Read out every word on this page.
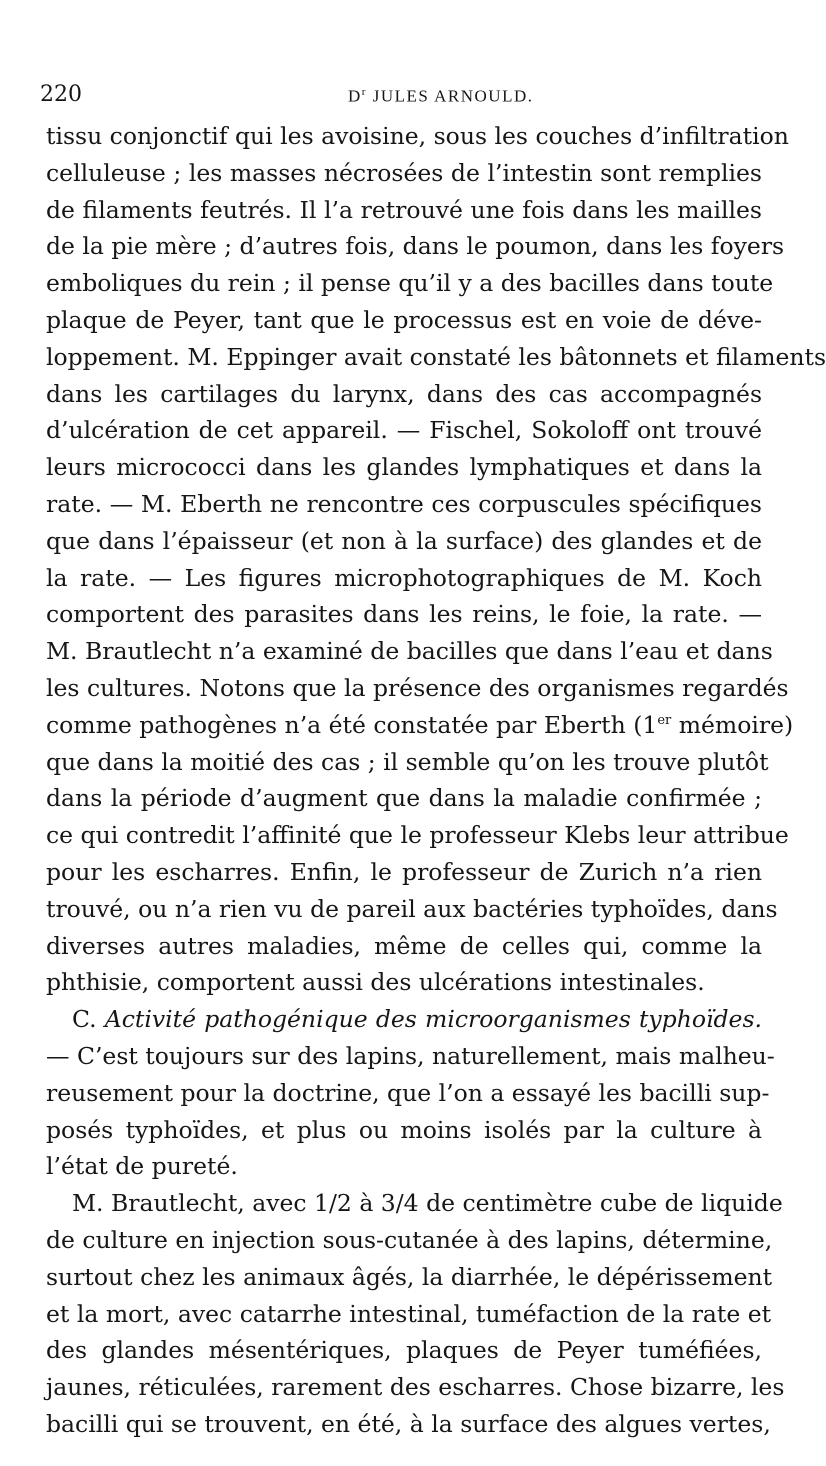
220	$D^r$ JULES ARNOULD.
tissu conjonctif qui les avoisine, sous les couches d’infiltration
celluleuse ; les masses nécrosées de l’intestin sont remplies
de filaments feutrés. Il l’a retrouvé une fois dans les mailles
de la pie mère ; d’autres fois, dans le poumon, dans les foyers
emboliques du rein ; il pense qu’il y a des bacilles dans toute
plaque de Peyer, tant que le processus est en voie de déve-
loppement. M. Eppinger avait constaté les bâtonnets et filaments
dans les cartilages du larynx, dans des cas accompagnés
d’ulcération de cet appareil. — Fischel, Sokoloff ont trouvé
leurs micrococci dans les glandes lymphatiques et dans la
rate. — M. Eberth ne rencontre ces corpuscules spécifiques
que dans l’épaisseur (et non à la surface) des glandes et de
la rate. — Les figures microphotographiques de M. Koch
comportent des parasites dans les reins, le foie, la rate. —
M. Brautlecht n’a examiné de bacilles que dans l’eau et dans
les cultures. Notons que la présence des organismes regardés
comme pathogènes n’a été constatée par Eberth (1er mémoire)
que dans la moitié des cas ; il semble qu’on les trouve plutôt
dans la période d’augment que dans la maladie confirmée ;
ce qui contredit l’affinité que le professeur Klebs leur attribue
pour les escharres. Enfin, le professeur de Zurich n’a rien
trouvé, ou n’a rien vu de pareil aux bactéries typhoïdes, dans
diverses autres maladies, même de celles qui, comme la
phthisie, comportent aussi des ulcérations intestinales.
C. Activité pathogénique des microorganismes typhoïdes.
— C’est toujours sur des lapins, naturellement, mais malheu-
reusement pour la doctrine, que l’on a essayé les bacilli sup-
posés typhoïdes, et plus ou moins isolés par la culture à
l’état de pureté.
M. Brautlecht, avec 1/2 à 3/4 de centimètre cube de liquide
de culture en injection sous-cutanée à des lapins, détermine,
surtout chez les animaux âgés, la diarrhée, le dépérissement
et la mort, avec catarrhe intestinal, tuméfaction de la rate et
des glandes mésentériques, plaques de Peyer tuméfiées,
jaunes, réticulées, rarement des escharres. Chose bizarre, les
bacilli qui se trouvent, en été, à la surface des algues vertes,
